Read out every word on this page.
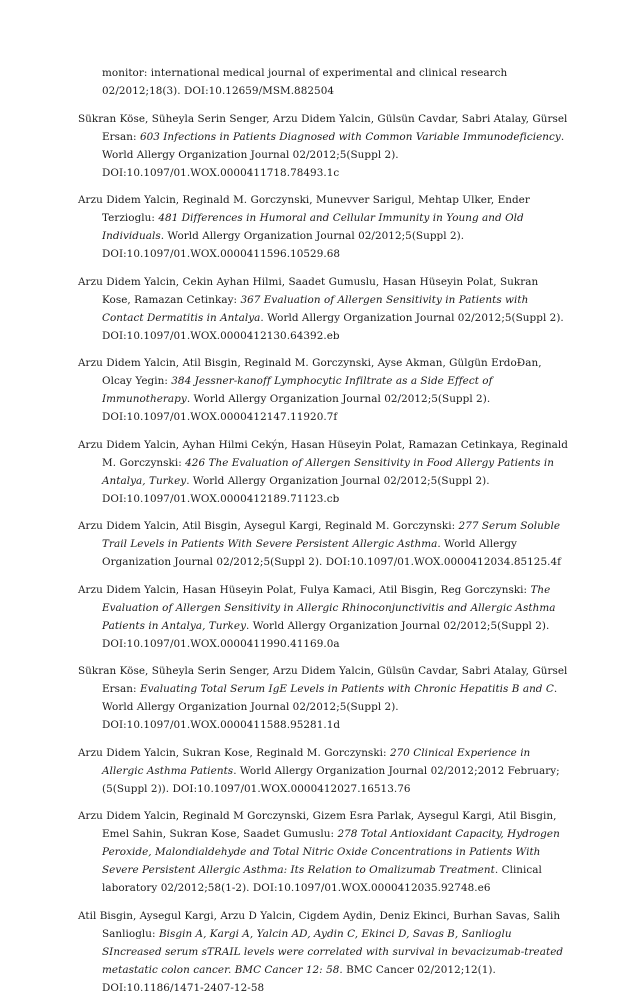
monitor: international medical journal of experimental and clinical research 02/2012;18(3). DOI:10.12659/MSM.882504

Sükran Köse, Süheyla Serin Senger, Arzu Didem Yalcin, Gülsün Cavdar, Sabri Atalay, Gürsel Ersan: 603 Infections in Patients Diagnosed with Common Variable Immunodeficiency. World Allergy Organization Journal 02/2012;5(Suppl 2). DOI:10.1097/01.WOX.0000411718.78493.1c

Arzu Didem Yalcin, Reginald M. Gorczynski, Munevver Sarigul, Mehtap Ulker, Ender Terzioglu: 481 Differences in Humoral and Cellular Immunity in Young and Old Individuals. World Allergy Organization Journal 02/2012;5(Suppl 2). DOI:10.1097/01.WOX.0000411596.10529.68

Arzu Didem Yalcin, Cekin Ayhan Hilmi, Saadet Gumuslu, Hasan Hüseyin Polat, Sukran Kose, Ramazan Cetinkay: 367 Evaluation of Allergen Sensitivity in Patients with Contact Dermatitis in Antalya. World Allergy Organization Journal 02/2012;5(Suppl 2). DOI:10.1097/01.WOX.0000412130.64392.eb

Arzu Didem Yalcin, Atil Bisgin, Reginald M. Gorczynski, Ayse Akman, Gülgün ErdoĐan, Olcay Yegin: 384 Jessner-kanoff Lymphocytic Infiltrate as a Side Effect of Immunotherapy. World Allergy Organization Journal 02/2012;5(Suppl 2). DOI:10.1097/01.WOX.0000412147.11920.7f

Arzu Didem Yalcin, Ayhan Hilmi Cekýn, Hasan Hüseyin Polat, Ramazan Cetinkaya, Reginald M. Gorczynski: 426 The Evaluation of Allergen Sensitivity in Food Allergy Patients in Antalya, Turkey. World Allergy Organization Journal 02/2012;5(Suppl 2). DOI:10.1097/01.WOX.0000412189.71123.cb

Arzu Didem Yalcin, Atil Bisgin, Aysegul Kargi, Reginald M. Gorczynski: 277 Serum Soluble Trail Levels in Patients With Severe Persistent Allergic Asthma. World Allergy Organization Journal 02/2012;5(Suppl 2). DOI:10.1097/01.WOX.0000412034.85125.4f

Arzu Didem Yalcin, Hasan Hüseyin Polat, Fulya Kamaci, Atil Bisgin, Reg Gorczynski: The Evaluation of Allergen Sensitivity in Allergic Rhinoconjunctivitis and Allergic Asthma Patients in Antalya, Turkey. World Allergy Organization Journal 02/2012;5(Suppl 2). DOI:10.1097/01.WOX.0000411990.41169.0a

Sükran Köse, Süheyla Serin Senger, Arzu Didem Yalcin, Gülsün Cavdar, Sabri Atalay, Gürsel Ersan: Evaluating Total Serum IgE Levels in Patients with Chronic Hepatitis B and C. World Allergy Organization Journal 02/2012;5(Suppl 2). DOI:10.1097/01.WOX.0000411588.95281.1d

Arzu Didem Yalcin, Sukran Kose, Reginald M. Gorczynski: 270 Clinical Experience in Allergic Asthma Patients. World Allergy Organization Journal 02/2012;2012 February;(5(Suppl 2)). DOI:10.1097/01.WOX.0000412027.16513.76

Arzu Didem Yalcin, Reginald M Gorczynski, Gizem Esra Parlak, Aysegul Kargi, Atil Bisgin, Emel Sahin, Sukran Kose, Saadet Gumuslu: 278 Total Antioxidant Capacity, Hydrogen Peroxide, Malondialdehyde and Total Nitric Oxide Concentrations in Patients With Severe Persistent Allergic Asthma: Its Relation to Omalizumab Treatment. Clinical laboratory 02/2012;58(1-2). DOI:10.1097/01.WOX.0000412035.92748.e6

Atil Bisgin, Aysegul Kargi, Arzu D Yalcin, Cigdem Aydin, Deniz Ekinci, Burhan Savas, Salih Sanlioglu: Bisgin A, Kargi A, Yalcin AD, Aydin C, Ekinci D, Savas B, Sanlioglu SIncreased serum sTRAIL levels were correlated with survival in bevacizumab-treated metastatic colon cancer. BMC Cancer 12: 58. BMC Cancer 02/2012;12(1). DOI:10.1186/1471-2407-12-58
